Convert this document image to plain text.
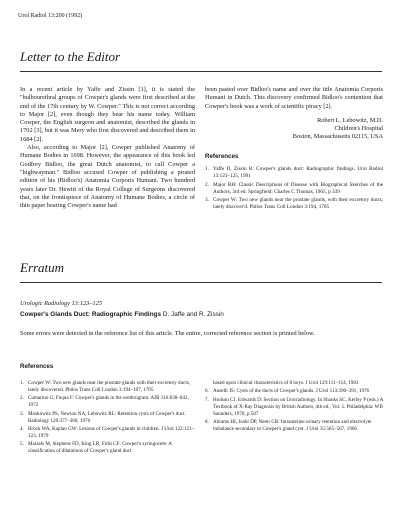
Urol Radiol 13:200 (1992)
Letter to the Editor

In a recent article by Yaffe and Zissin [1], it is stated the "bulbourethral groups of Cowper's glands were first described at the end of the 17th century by W. Cowper." This is not correct according to Major [2], even though they bear his name today. William Cowper, the English surgeon and anatomist, described the glands in 1702 [3], but it was Mery who first discovered and described them in 1684 [2].

Also, according to Major [2], Cowper published Anatomy of Humane Bodies in 1698. However, the appearance of this book led Godfrey Bidloo, the great Dutch anatomist, to call Cowper a "highwayman." Bidloo accused Cowper of publishing a pirated edition of his (Bidloo's) Anatomia Corporis Humani. Two hundred years later Dr. Hewitt of the Royal College of Surgeons discovered that, on the frontispiece of Anatomy of Humane Bodies, a circle of thin paper bearing Cowper's name had

been pasted over Bidloo's name and over the title Anatomia Corporis Humani in Dutch. This discovery confirmed Bidloo's contention that Cowper's book was a work of scientific piracy [2].

Robert L. Lebowitz, M.D.
Children's Hospital
Boston, Massachusetts 02115, USA
References
1. Yaffe D, Zissin R: Cowper's glands duct: Radiographic findings. Urol Radiol 13:123–125, 1991
2. Major RH: Classic Descriptions of Disease with Biographical Sketches of the Authors, 3rd ed. Springfield: Charles C Thomas, 1965, p 339
3. Cowper W: Two new glands near the prostate glands, with their excretory ducts, lately discover'd. Philos Trans Coll London 3:194, 1705
Erratum
Urologic Radiology 13:123–125
Cowper's Glands Duct: Radiographic Findings D. Jaffe and R. Zissin
Some errors were detected in the reference list of this article. The entire, corrected reference section is printed below.
References
1. Cowper W: Two new glands near the prostate glands with their excretory ducts, lately discovered. Philos Trans Coll London 3:194–197, 1705
2. Cumarino G, Fuqua F: Cowper's glands in the urethrogram. AJR 116:838–842, 1972
3. Moskowitz PS, Newton NA, Lebowitz RL: Retention cysts of Cowper's duct. Radiology 120:377–380, 1976
4. Brock WA, Kaplan GW: Lesions of Cowper's glands in children. J Urol 122:121–123, 1979
5. Maizels M, Stephens FD, King LR, Firlit CF: Cowper's syringocele: A classification of dilatations of Cowper's gland duct
based upon clinical characteristics of 8 boys. J Urol 129:111–114, 1983
6. Anselli JS: Cysts of the ducts of Cowper's glands. J Urol 113:390–391, 1976
7. Hodson CJ, Edwards D: Section on Urorradiology. In Shanks SC, Kerley P (eds.) A Textbook of X-Ray Diagnosis by British Authors, 4th ed., Vol. 5. Philadelphia: WB Saunders, 1970, p 507
8. Abrams HI, Joshi DP, Nemr CR: Intrauterine urinary retention and electrolyte imbalance secondary to Cowper's gland cyst. J Urol 35:565–567, 1966
